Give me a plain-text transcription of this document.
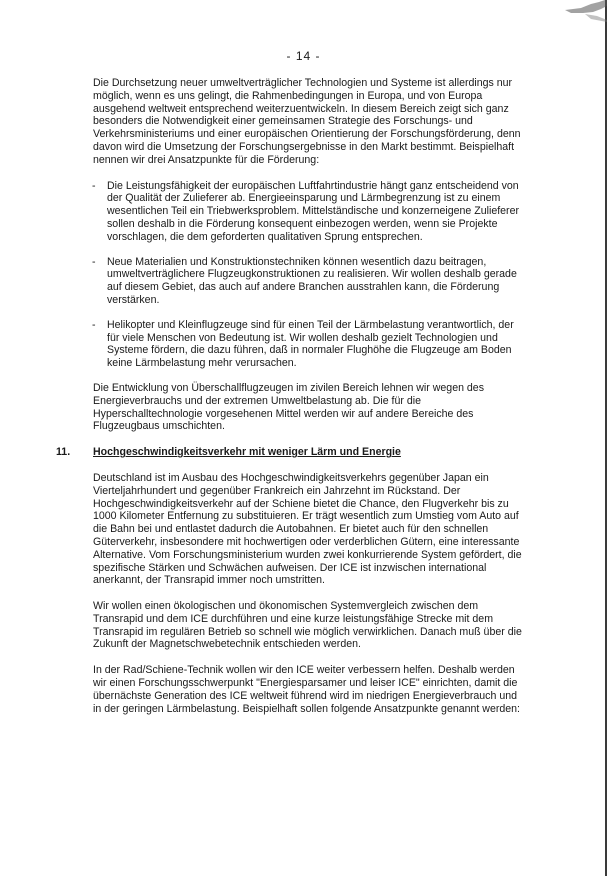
- 14 -

Die Durchsetzung neuer umweltverträglicher Technologien und Systeme ist allerdings nur möglich, wenn es uns gelingt, die Rahmenbedingungen in Europa, und von Europa ausgehend weltweit entsprechend weiterzuentwickeln. In diesem Bereich zeigt sich ganz besonders die Notwendigkeit einer gemeinsamen Strategie des Forschungs- und Verkehrsministeriums und einer europäischen Orientierung der Forschungsförderung, denn davon wird die Umsetzung der Forschungsergebnisse in den Markt bestimmt. Beispielhaft nennen wir drei Ansatzpunkte für die Förderung:

- Die Leistungsfähigkeit der europäischen Luftfahrtindustrie hängt ganz entscheidend von der Qualität der Zulieferer ab. Energieeinsparung und Lärmbegrenzung ist zu einem wesentlichen Teil ein Triebwerksproblem. Mittelständische und konzerneigene Zulieferer sollen deshalb in die Förderung konsequent einbezogen werden, wenn sie Projekte vorschlagen, die dem geforderten qualitativen Sprung entsprechen.
- Neue Materialien und Konstruktionstechniken können wesentlich dazu beitragen, umweltverträglichere Flugzeugkonstruktionen zu realisieren. Wir wollen deshalb gerade auf diesem Gebiet, das auch auf andere Branchen ausstrahlen kann, die Förderung verstärken.
- Helikopter und Kleinflugzeuge sind für einen Teil der Lärmbelastung verantwortlich, der für viele Menschen von Bedeutung ist. Wir wollen deshalb gezielt Technologien und Systeme fördern, die dazu führen, daß in normaler Flughöhe die Flugzeuge am Boden keine Lärmbelastung mehr verursachen.

Die Entwicklung von Überschallflugzeugen im zivilen Bereich lehnen wir wegen des Energieverbrauchs und der extremen Umweltbelastung ab. Die für die Hyperschalltechnologie vorgesehenen Mittel werden wir auf andere Bereiche des Flugzeugbaus umschichten.

11. Hochgeschwindigkeitsverkehr mit weniger Lärm und Energie

Deutschland ist im Ausbau des Hochgeschwindigkeitsverkehrs gegenüber Japan ein Vierteljahrhundert und gegenüber Frankreich ein Jahrzehnt im Rückstand. Der Hochgeschwindigkeitsverkehr auf der Schiene bietet die Chance, den Flugverkehr bis zu 1000 Kilometer Entfernung zu substituieren. Er trägt wesentlich zum Umstieg vom Auto auf die Bahn bei und entlastet dadurch die Autobahnen. Er bietet auch für den schnellen Güterverkehr, insbesondere mit hochwertigen oder verderblichen Gütern, eine interessante Alternative. Vom Forschungsministerium wurden zwei konkurrierende System gefördert, die spezifische Stärken und Schwächen aufweisen. Der ICE ist inzwischen international anerkannt, der Transrapid immer noch umstritten.

Wir wollen einen ökologischen und ökonomischen Systemvergleich zwischen dem Transrapid und dem ICE durchführen und eine kurze leistungsfähige Strecke mit dem Transrapid im regulären Betrieb so schnell wie möglich verwirklichen. Danach muß über die Zukunft der Magnetschwebetechnik entschieden werden.

In der Rad/Schiene-Technik wollen wir den ICE weiter verbessern helfen. Deshalb werden wir einen Forschungsschwerpunkt "Energiesparsamer und leiser ICE" einrichten, damit die übernächste Generation des ICE weltweit führend wird im niedrigen Energieverbrauch und in der geringen Lärmbelastung. Beispielhaft sollen folgende Ansatzpunkte genannt werden:
